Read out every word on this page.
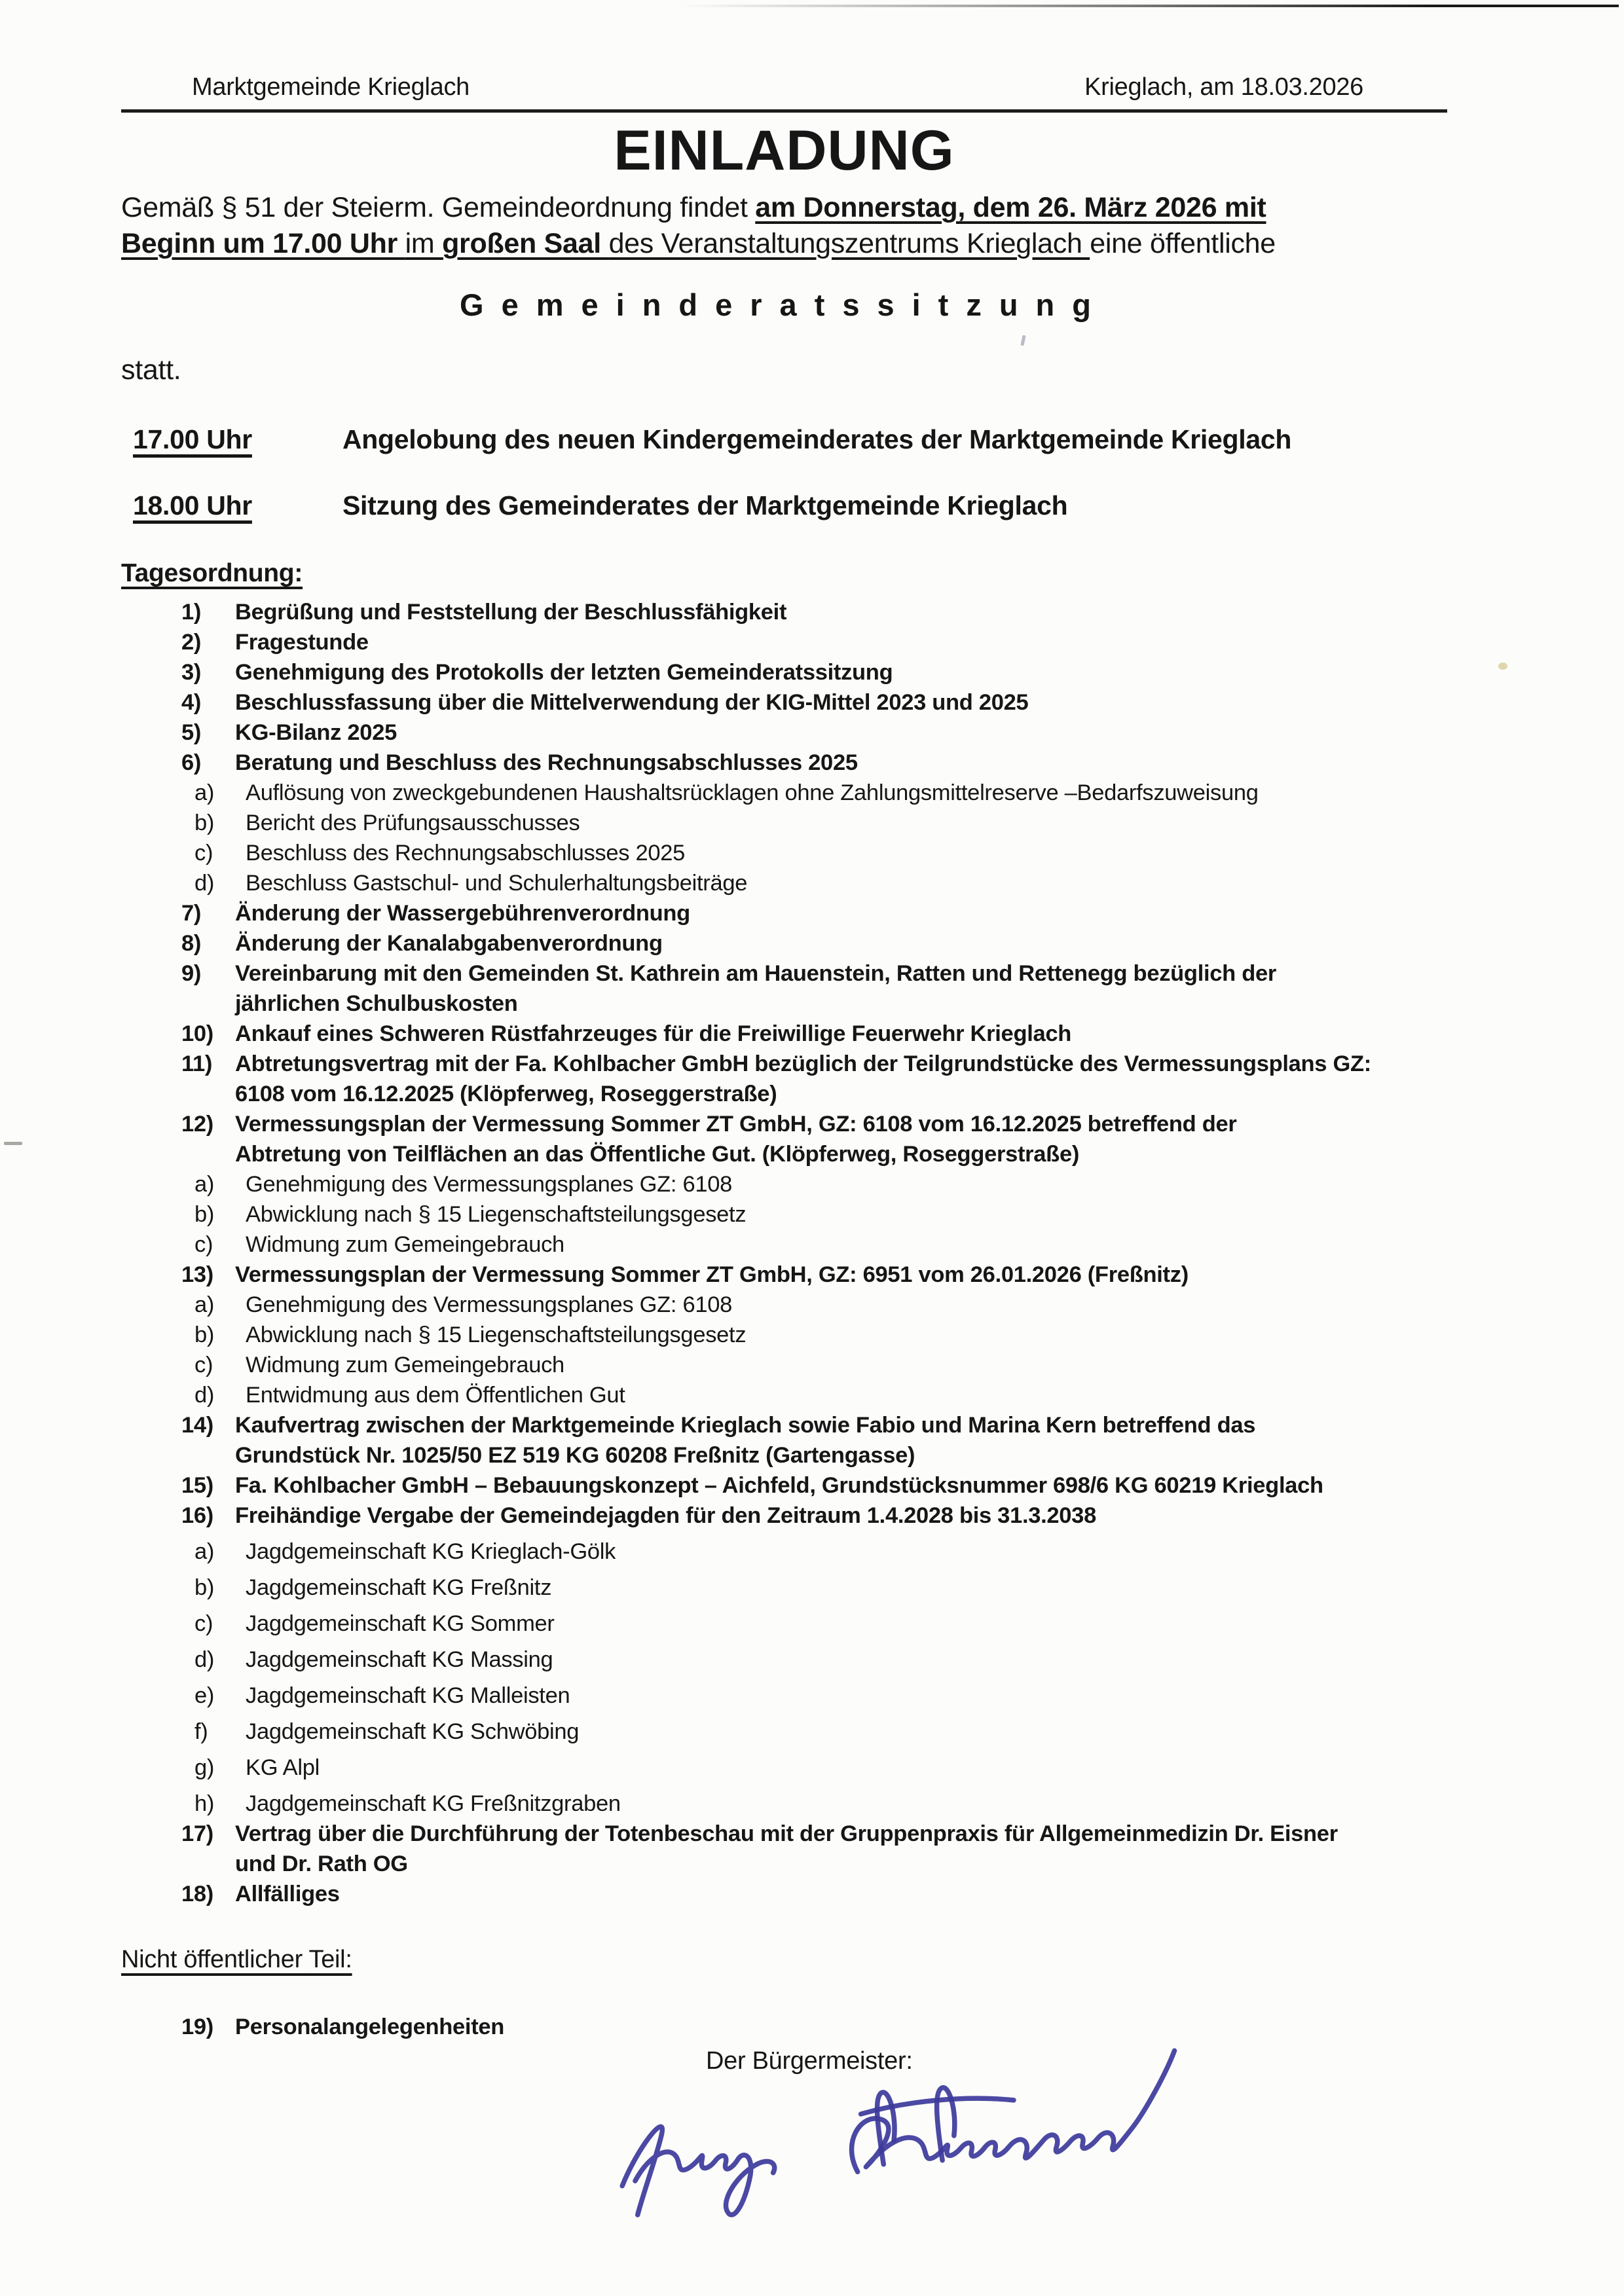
Marktgemeinde Krieglach	Krieglach, am 18.03.2026
EINLADUNG
Gemäß § 51 der Steierm. Gemeindeordnung findet am Donnerstag, dem 26. März 2026 mit
Beginn um 17.00 Uhr im großen Saal des Veranstaltungszentrums Krieglach eine öffentliche
Gemeinderatssitzung
statt.
17.00 Uhr	Angelobung des neuen Kindergemeinderates der Marktgemeinde Krieglach
18.00 Uhr	Sitzung des Gemeinderates der Marktgemeinde Krieglach
Tagesordnung:
1)	Begrüßung und Feststellung der Beschlussfähigkeit
2)	Fragestunde
3)	Genehmigung des Protokolls der letzten Gemeinderatssitzung
4)	Beschlussfassung über die Mittelverwendung der KIG-Mittel 2023 und 2025
5)	KG-Bilanz 2025
6)	Beratung und Beschluss des Rechnungsabschlusses 2025
a)	Auflösung von zweckgebundenen Haushaltsrücklagen ohne Zahlungsmittelreserve –Bedarfszuweisung
b)	Bericht des Prüfungsausschusses
c)	Beschluss des Rechnungsabschlusses 2025
d)	Beschluss Gastschul- und Schulerhaltungsbeiträge
7)	Änderung der Wassergebührenverordnung
8)	Änderung der Kanalabgabenverordnung
9)	Vereinbarung mit den Gemeinden St. Kathrein am Hauenstein, Ratten und Rettenegg bezüglich der
jährlichen Schulbuskosten
10) Ankauf eines Schweren Rüstfahrzeuges für die Freiwillige Feuerwehr Krieglach
11)	Abtretungsvertrag mit der Fa. Kohlbacher GmbH bezüglich der Teilgrundstücke des Vermessungsplans GZ:
6108 vom 16.12.2025 (Klöpferweg, Roseggerstraße)
12) Vermessungsplan der Vermessung Sommer ZT GmbH, GZ: 6108 vom 16.12.2025 betreffend der
Abtretung von Teilflächen an das Öffentliche Gut. (Klöpferweg, Roseggerstraße)
a)	Genehmigung des Vermessungsplanes GZ: 6108
b)	Abwicklung nach § 15 Liegenschaftsteilungsgesetz
c)	Widmung zum Gemeingebrauch
13) Vermessungsplan der Vermessung Sommer ZT GmbH, GZ: 6951 vom 26.01.2026 (Freßnitz)
a)	Genehmigung des Vermessungsplanes GZ: 6108
b)	Abwicklung nach § 15 Liegenschaftsteilungsgesetz
c)	Widmung zum Gemeingebrauch
d)	Entwidmung aus dem Öffentlichen Gut
14) Kaufvertrag zwischen der Marktgemeinde Krieglach sowie Fabio und Marina Kern betreffend das
Grundstück Nr. 1025/50 EZ 519 KG 60208 Freßnitz (Gartengasse)
15) Fa. Kohlbacher GmbH – Bebauungskonzept – Aichfeld, Grundstücksnummer 698/6 KG 60219 Krieglach
16) Freihändige Vergabe der Gemeindejagden für den Zeitraum 1.4.2028 bis 31.3.2038
a)	Jagdgemeinschaft KG Krieglach-Gölk
b)	Jagdgemeinschaft KG Freßnitz
c)	Jagdgemeinschaft KG Sommer
d)	Jagdgemeinschaft KG Massing
e)	Jagdgemeinschaft KG Malleisten
f)	Jagdgemeinschaft KG Schwöbing
g)	KG Alpl
h)	Jagdgemeinschaft KG Freßnitzgraben
17) Vertrag über die Durchführung der Totenbeschau mit der Gruppenpraxis für Allgemeinmedizin Dr. Eisner
und Dr. Rath OG
18) Allfälliges
Nicht öffentlicher Teil:
19) Personalangelegenheiten
Der Bürgermeister:
